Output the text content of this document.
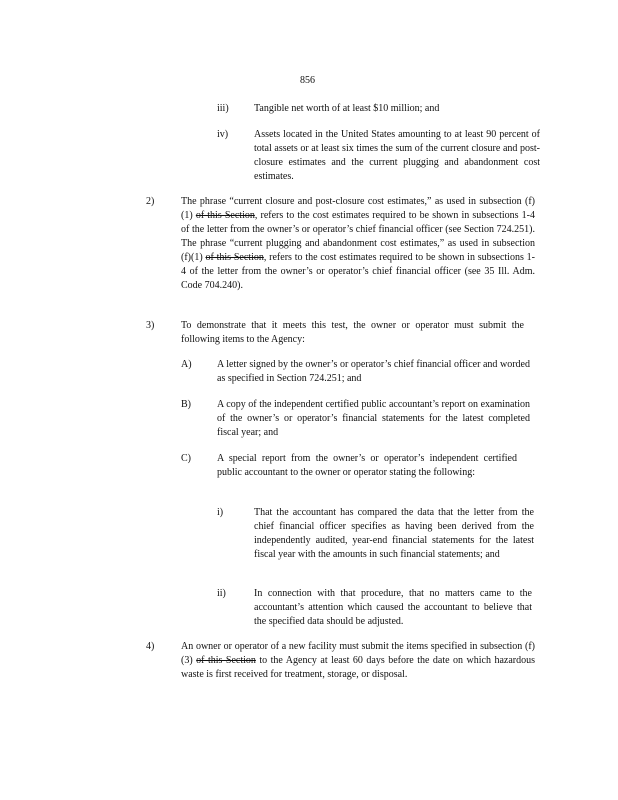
856
iii)	Tangible net worth of at least $10 million; and
iv)	Assets located in the United States amounting to at least 90 percent of total assets or at least six times the sum of the current closure and post-closure estimates and the current plugging and abandonment cost estimates.
2)	The phrase “current closure and post-closure cost estimates,” as used in subsection (f)(1) of this Section, refers to the cost estimates required to be shown in subsections 1-4 of the letter from the owner’s or operator’s chief financial officer (see Section 724.251). The phrase “current plugging and abandonment cost estimates,” as used in subsection (f)(1) of this Section, refers to the cost estimates required to be shown in subsections 1-4 of the letter from the owner’s or operator’s chief financial officer (see 35 Ill. Adm. Code 704.240).
3)	To demonstrate that it meets this test, the owner or operator must submit the following items to the Agency:
A)	A letter signed by the owner’s or operator’s chief financial officer and worded as specified in Section 724.251; and
B)	A copy of the independent certified public accountant’s report on examination of the owner’s or operator’s financial statements for the latest completed fiscal year; and
C)	A special report from the owner’s or operator’s independent certified public accountant to the owner or operator stating the following:
i)	That the accountant has compared the data that the letter from the chief financial officer specifies as having been derived from the independently audited, year-end financial statements for the latest fiscal year with the amounts in such financial statements; and
ii)	In connection with that procedure, that no matters came to the accountant’s attention which caused the accountant to believe that the specified data should be adjusted.
4)	An owner or operator of a new facility must submit the items specified in subsection (f)(3) of this Section to the Agency at least 60 days before the date on which hazardous waste is first received for treatment, storage, or disposal.
